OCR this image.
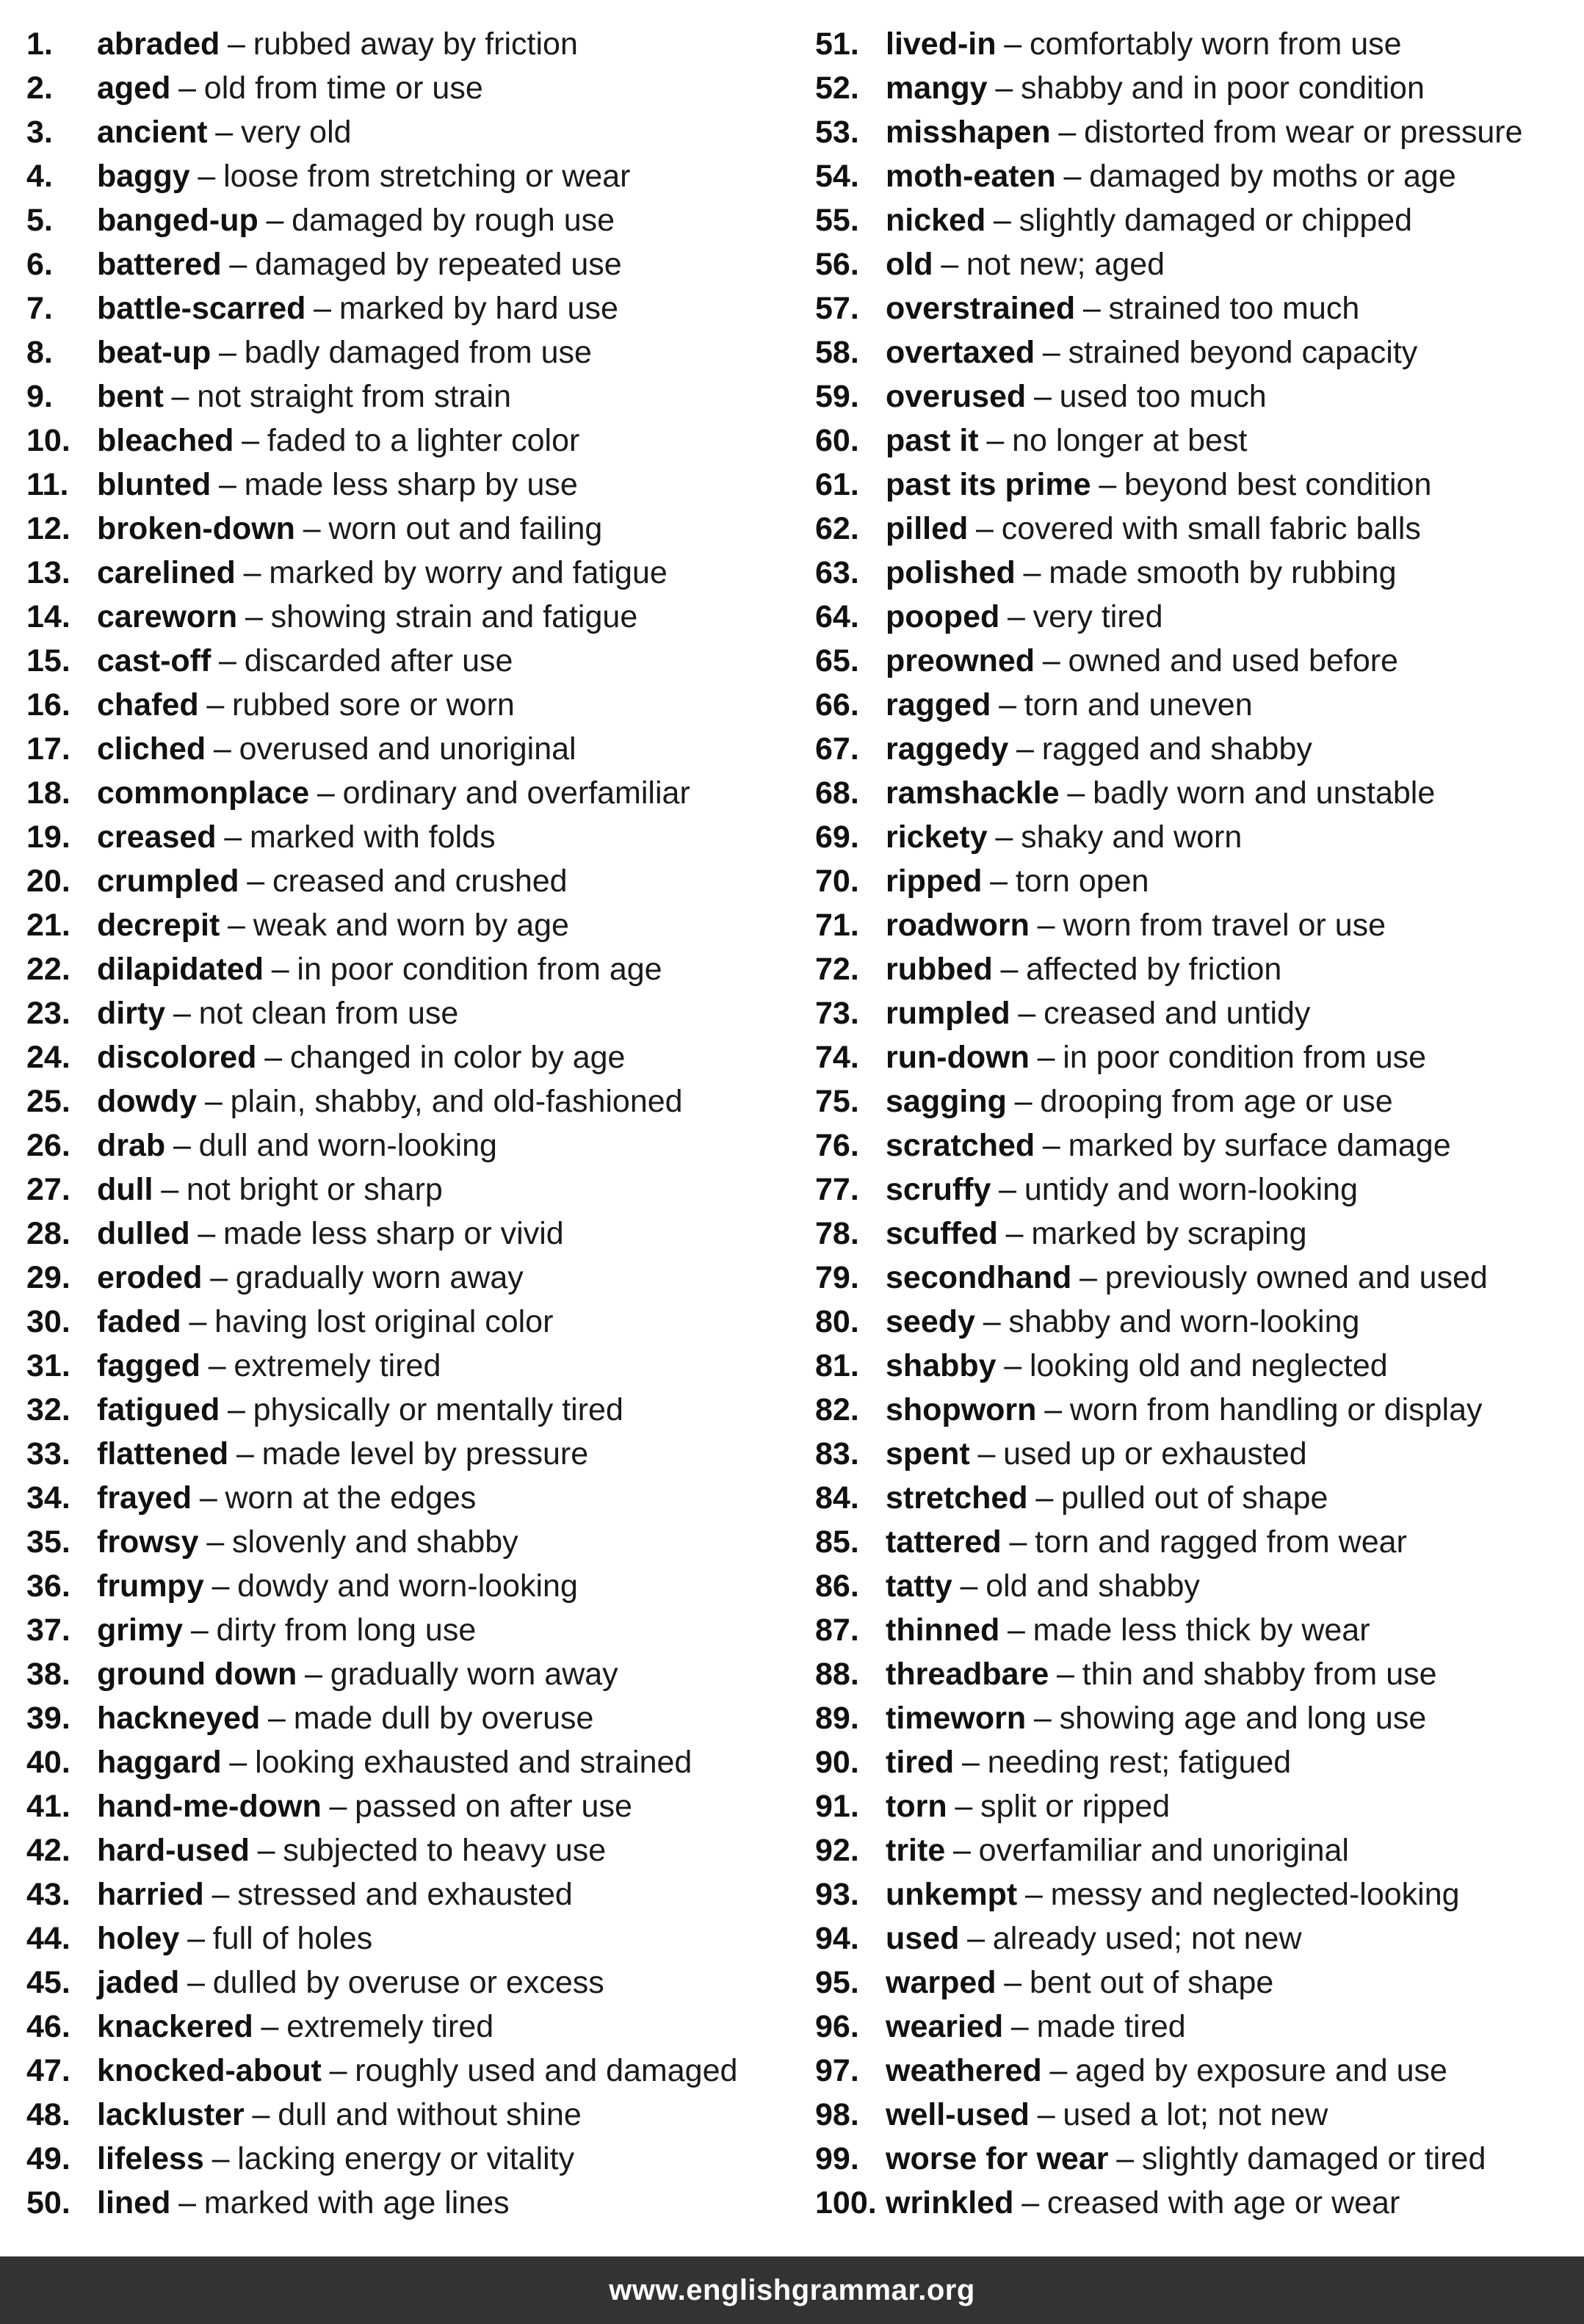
1.	abraded – rubbed away by friction
2.	aged – old from time or use
3.	ancient – very old
4.	baggy – loose from stretching or wear
5.	banged-up – damaged by rough use
6.	battered – damaged by repeated use
7.	battle-scarred – marked by hard use
8.	beat-up – badly damaged from use
9.	bent – not straight from strain
10. bleached – faded to a lighter color
11. blunted – made less sharp by use
12. broken-down – worn out and failing
13. carelined – marked by worry and fatigue
14. careworn – showing strain and fatigue
15. cast-off – discarded after use
16. chafed – rubbed sore or worn
17. cliched – overused and unoriginal
18. commonplace – ordinary and overfamiliar
19. creased – marked with folds
20. crumpled – creased and crushed
21. decrepit – weak and worn by age
22. dilapidated – in poor condition from age
23. dirty – not clean from use
24. discolored – changed in color by age
25. dowdy – plain, shabby, and old-fashioned
26. drab – dull and worn-looking
27. dull – not bright or sharp
28. dulled – made less sharp or vivid
29. eroded – gradually worn away
30. faded – having lost original color
31. fagged – extremely tired
32. fatigued – physically or mentally tired
33. flattened – made level by pressure
34. frayed – worn at the edges
35. frowsy – slovenly and shabby
36. frumpy – dowdy and worn-looking
37. grimy – dirty from long use
38. ground down – gradually worn away
39. hackneyed – made dull by overuse
40. haggard – looking exhausted and strained
41. hand-me-down – passed on after use
42. hard-used – subjected to heavy use
43. harried – stressed and exhausted
44. holey – full of holes
45. jaded – dulled by overuse or excess
46. knackered – extremely tired
47. knocked-about – roughly used and damaged
48. lackluster – dull and without shine
49. lifeless – lacking energy or vitality
50. lined – marked with age lines
51. lived-in – comfortably worn from use
52. mangy – shabby and in poor condition
53. misshapen – distorted from wear or pressure
54. moth-eaten – damaged by moths or age
55. nicked – slightly damaged or chipped
56. old – not new; aged
57. overstrained – strained too much
58. overtaxed – strained beyond capacity
59. overused – used too much
60. past it – no longer at best
61. past its prime – beyond best condition
62. pilled – covered with small fabric balls
63. polished – made smooth by rubbing
64. pooped – very tired
65. preowned – owned and used before
66. ragged – torn and uneven
67. raggedy – ragged and shabby
68. ramshackle – badly worn and unstable
69. rickety – shaky and worn
70. ripped – torn open
71. roadworn – worn from travel or use
72. rubbed – affected by friction
73. rumpled – creased and untidy
74. run-down – in poor condition from use
75. sagging – drooping from age or use
76. scratched – marked by surface damage
77. scruffy – untidy and worn-looking
78. scuffed – marked by scraping
79. secondhand – previously owned and used
80. seedy – shabby and worn-looking
81. shabby – looking old and neglected
82. shopworn – worn from handling or display
83. spent – used up or exhausted
84. stretched – pulled out of shape
85. tattered – torn and ragged from wear
86. tatty – old and shabby
87. thinned – made less thick by wear
88. threadbare – thin and shabby from use
89. timeworn – showing age and long use
90. tired – needing rest; fatigued
91. torn – split or ripped
92. trite – overfamiliar and unoriginal
93. unkempt – messy and neglected-looking
94. used – already used; not new
95. warped – bent out of shape
96. wearied – made tired
97. weathered – aged by exposure and use
98. well-used – used a lot; not new
99. worse for wear – slightly damaged or tired
100. wrinkled – creased with age or wear
www.englishgrammar.org
